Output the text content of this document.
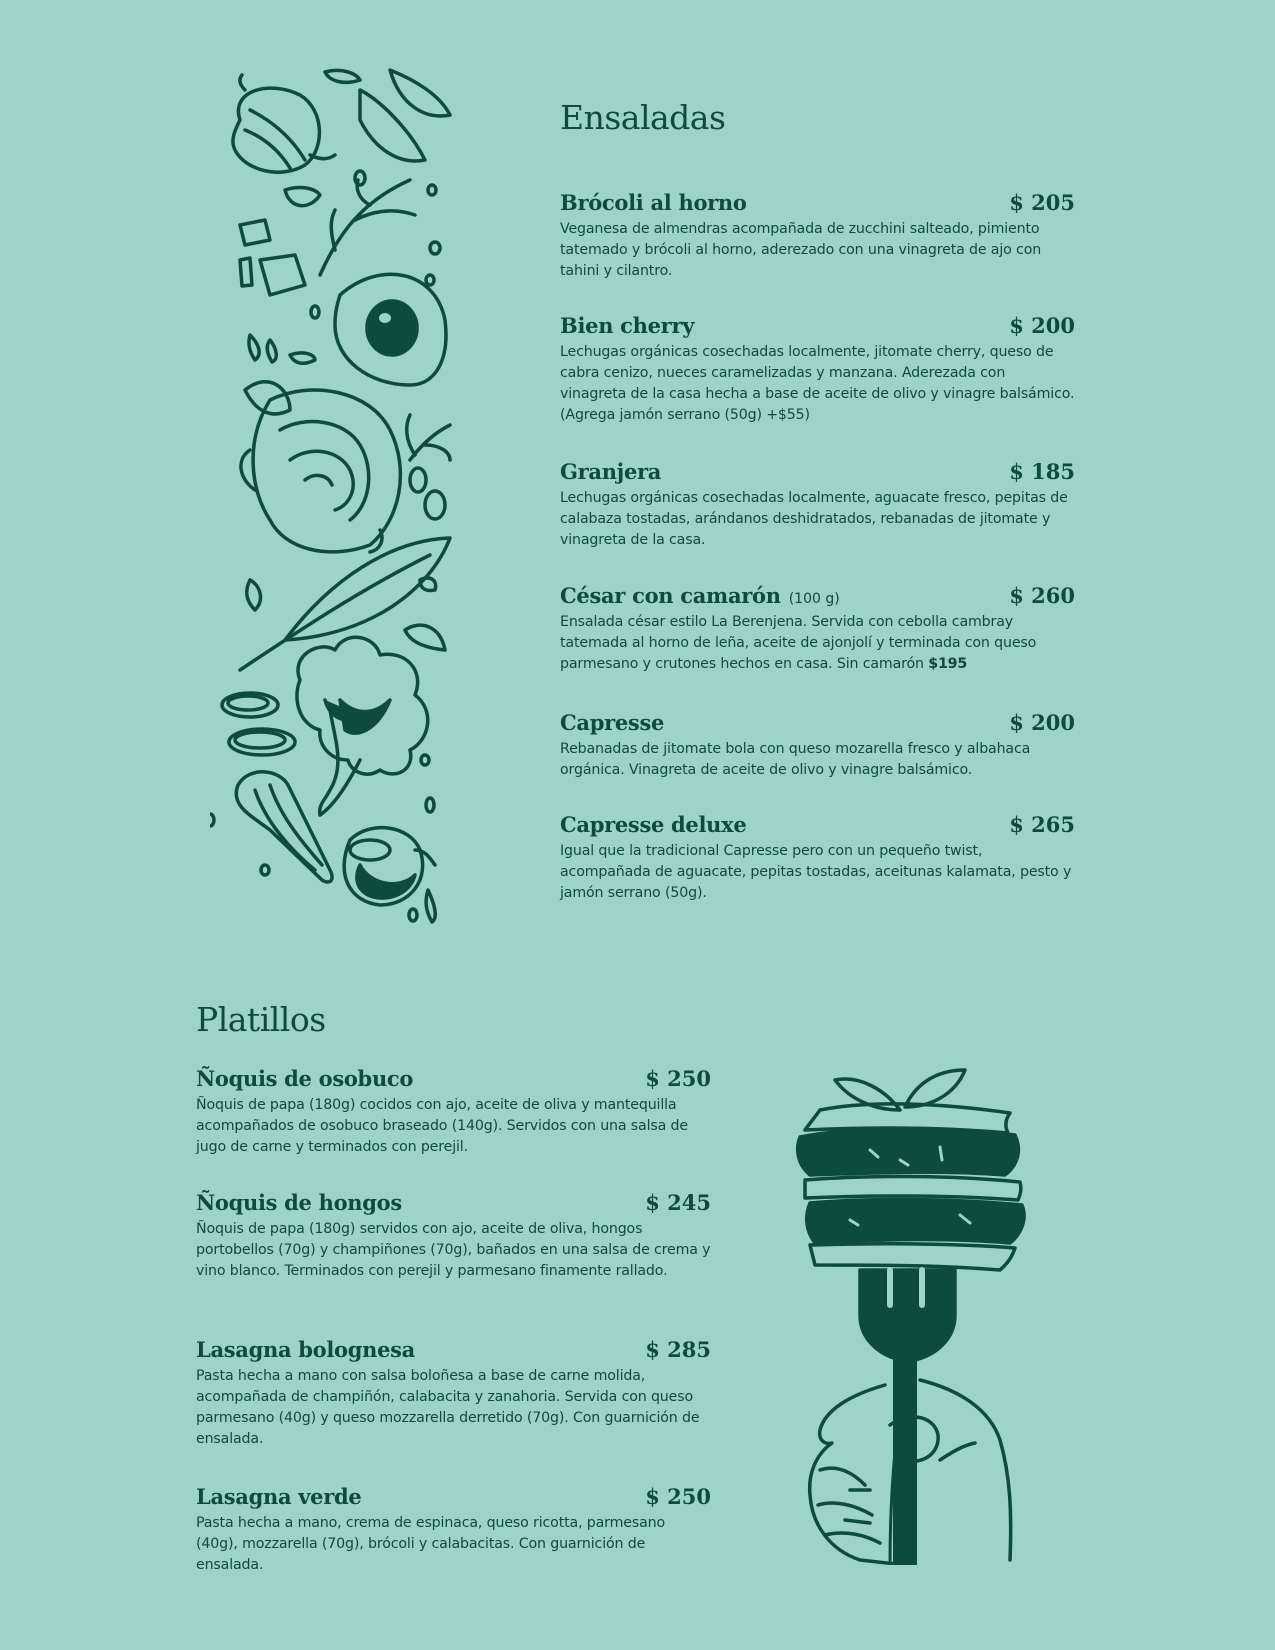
Ensaladas
Brócoli al horno	$ 205
Veganesa de almendras acompañada de zucchini salteado, pimiento tatemado y brócoli al horno, aderezado con una vinagreta de ajo con tahini y cilantro.
Bien cherry	$ 200
Lechugas orgánicas cosechadas localmente, jitomate cherry, queso de cabra cenizo, nueces caramelizadas y manzana. Aderezada con vinagreta de la casa hecha a base de aceite de olivo y vinagre balsámico. (Agrega jamón serrano (50g) +$55)
Granjera	$ 185
Lechugas orgánicas cosechadas localmente, aguacate fresco, pepitas de calabaza tostadas, arándanos deshidratados, rebanadas de jitomate y vinagreta de la casa.
César con camarón (100 g)	$ 260
Ensalada césar estilo La Berenjena. Servida con cebolla cambray tatemada al horno de leña, aceite de ajonjolí y terminada con queso parmesano y crutones hechos en casa. Sin camarón $195
Capresse	$ 200
Rebanadas de jitomate bola con queso mozarella fresco y albahaca orgánica. Vinagreta de aceite de olivo y vinagre balsámico.
Capresse deluxe	$ 265
Igual que la tradicional Capresse pero con un pequeño twist, acompañada de aguacate, pepitas tostadas, aceitunas kalamata, pesto y jamón serrano (50g).
Platillos
Ñoquis de osobuco	$ 250
Ñoquis de papa (180g) cocidos con ajo, aceite de oliva y mantequilla acompañados de osobuco braseado (140g). Servidos con una salsa de jugo de carne y terminados con perejil.
Ñoquis de hongos	$ 245
Ñoquis de papa (180g) servidos con ajo, aceite de oliva, hongos portobellos (70g) y champiñones (70g), bañados en una salsa de crema y vino blanco. Terminados con perejil y parmesano finamente rallado.
Lasagna bolognesa	$ 285
Pasta hecha a mano con salsa boloñesa a base de carne molida, acompañada de champiñón, calabacita y zanahoria. Servida con queso parmesano (40g) y queso mozzarella derretido (70g). Con guarnición de ensalada.
Lasagna verde	$ 250
Pasta hecha a mano, crema de espinaca, queso ricotta, parmesano (40g), mozzarella (70g), brócoli y calabacitas. Con guarnición de ensalada.
